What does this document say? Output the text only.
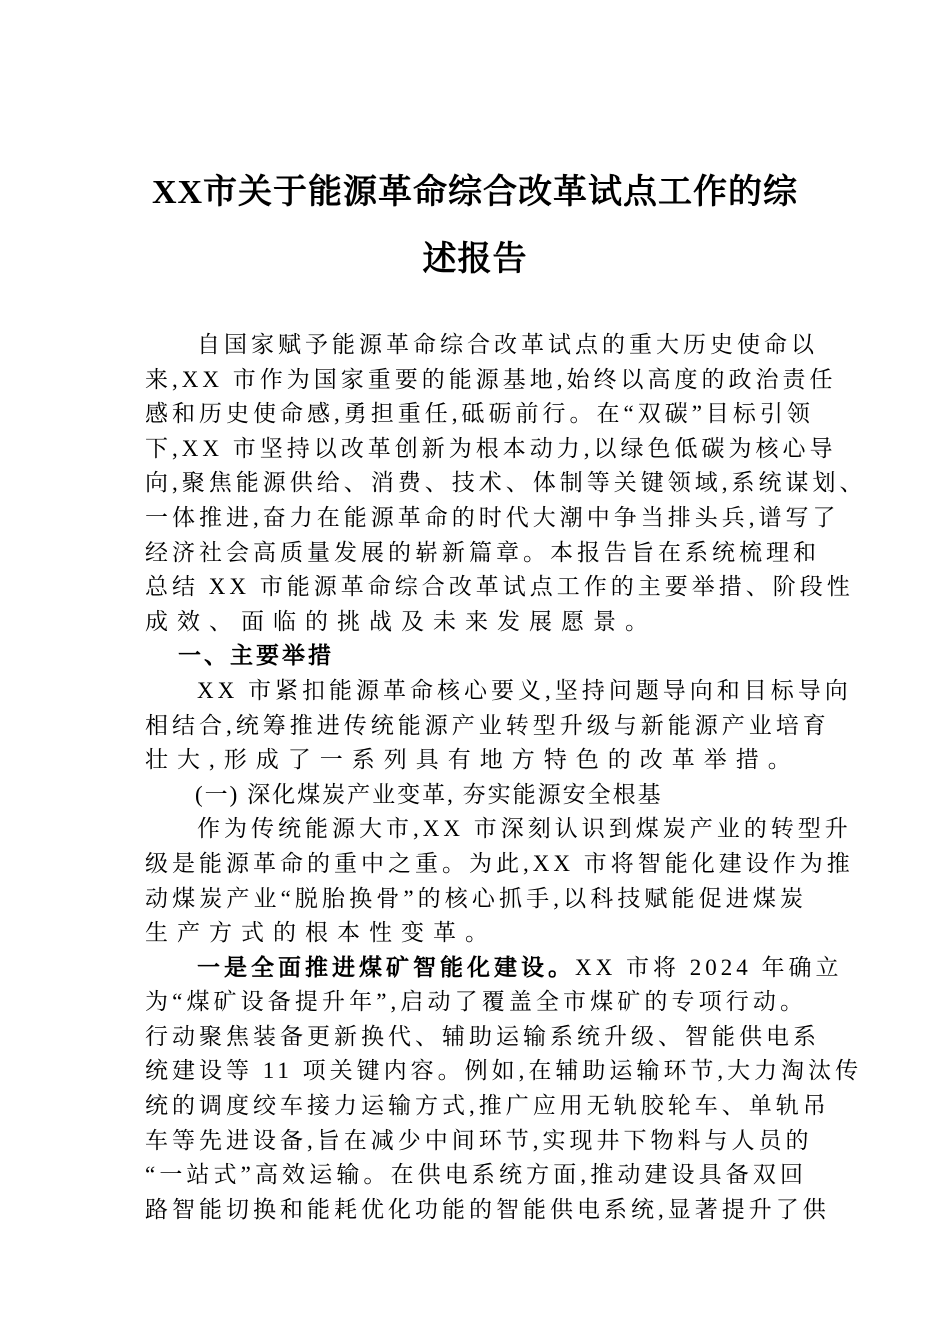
XX市关于能源革命综合改革试点工作的综
述报告
自国家赋予能源革命综合改革试点的重大历史使命以
来,XX 市作为国家重要的能源基地,始终以高度的政治责任
感和历史使命感,勇担重任,砥砺前行。在“双碳”目标引领
下,XX 市坚持以改革创新为根本动力,以绿色低碳为核心导
向,聚焦能源供给、消费、技术、体制等关键领域,系统谋划、
一体推进,奋力在能源革命的时代大潮中争当排头兵,谱写了
经济社会高质量发展的崭新篇章。本报告旨在系统梳理和
总结 XX 市能源革命综合改革试点工作的主要举措、阶段性
成效、面临的挑战及未来发展愿景。
一、主要举措
XX 市紧扣能源革命核心要义,坚持问题导向和目标导向
相结合,统筹推进传统能源产业转型升级与新能源产业培育
壮大,形成了一系列具有地方特色的改革举措。
(一) 深化煤炭产业变革, 夯实能源安全根基
作为传统能源大市,XX 市深刻认识到煤炭产业的转型升
级是能源革命的重中之重。为此,XX 市将智能化建设作为推
动煤炭产业“脱胎换骨”的核心抓手,以科技赋能促进煤炭
生产方式的根本性变革。
一是全面推进煤矿智能化建设。XX 市将 2024 年确立
为“煤矿设备提升年”,启动了覆盖全市煤矿的专项行动。
行动聚焦装备更新换代、辅助运输系统升级、智能供电系
统建设等 11 项关键内容。例如,在辅助运输环节,大力淘汰传
统的调度绞车接力运输方式,推广应用无轨胶轮车、单轨吊
车等先进设备,旨在减少中间环节,实现井下物料与人员的
“一站式”高效运输。在供电系统方面,推动建设具备双回
路智能切换和能耗优化功能的智能供电系统,显著提升了供
